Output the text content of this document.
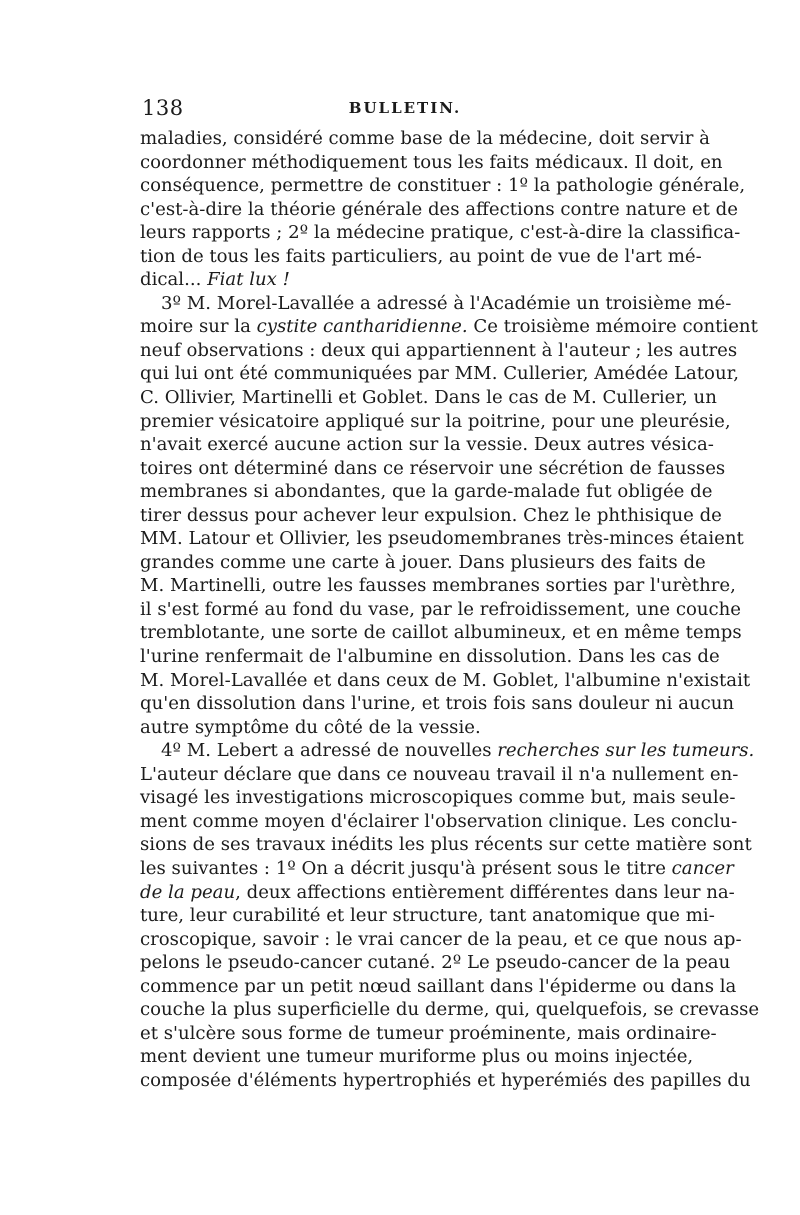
138	BULLETIN.

maladies, considéré comme base de la médecine, doit servir à
coordonner méthodiquement tous les faits médicaux. Il doit, en
conséquence, permettre de constituer : 1º la pathologie générale,
c'est-à-dire la théorie générale des affections contre nature et de
leurs rapports ; 2º la médecine pratique, c'est-à-dire la classifica-
tion de tous les faits particuliers, au point de vue de l'art mé-
dical... Fiat lux !

3º M. Morel-Lavallée a adressé à l'Académie un troisième mé-
moire sur la cystite cantharidienne. Ce troisième mémoire contient
neuf observations : deux qui appartiennent à l'auteur ; les autres
qui lui ont été communiquées par MM. Cullerier, Amédée Latour,
C. Ollivier, Martinelli et Goblet. Dans le cas de M. Cullerier, un
premier vésicatoire appliqué sur la poitrine, pour une pleurésie,
n'avait exercé aucune action sur la vessie. Deux autres vésica-
toires ont déterminé dans ce réservoir une sécrétion de fausses
membranes si abondantes, que la garde-malade fut obligée de
tirer dessus pour achever leur expulsion. Chez le phthisique de
MM. Latour et Ollivier, les pseudomembranes très-minces étaient
grandes comme une carte à jouer. Dans plusieurs des faits de
M. Martinelli, outre les fausses membranes sorties par l'urèthre,
il s'est formé au fond du vase, par le refroidissement, une couche
tremblotante, une sorte de caillot albumineux, et en même temps
l'urine renfermait de l'albumine en dissolution. Dans les cas de
M. Morel-Lavallée et dans ceux de M. Goblet, l'albumine n'existait
qu'en dissolution dans l'urine, et trois fois sans douleur ni aucun
autre symptôme du côté de la vessie.

4º M. Lebert a adressé de nouvelles recherches sur les tumeurs.
L'auteur déclare que dans ce nouveau travail il n'a nullement en-
visagé les investigations microscopiques comme but, mais seule-
ment comme moyen d'éclairer l'observation clinique. Les conclu-
sions de ses travaux inédits les plus récents sur cette matière sont
les suivantes : 1º On a décrit jusqu'à présent sous le titre cancer
de la peau, deux affections entièrement différentes dans leur na-
ture, leur curabilité et leur structure, tant anatomique que mi-
croscopique, savoir : le vrai cancer de la peau, et ce que nous ap-
pelons le pseudo-cancer cutané. 2º Le pseudo-cancer de la peau
commence par un petit nœud saillant dans l'épiderme ou dans la
couche la plus superficielle du derme, qui, quelquefois, se crevasse
et s'ulcère sous forme de tumeur proéminente, mais ordinaire-
ment devient une tumeur muriforme plus ou moins injectée,
composée d'éléments hypertrophiés et hyperémiés des papilles du
